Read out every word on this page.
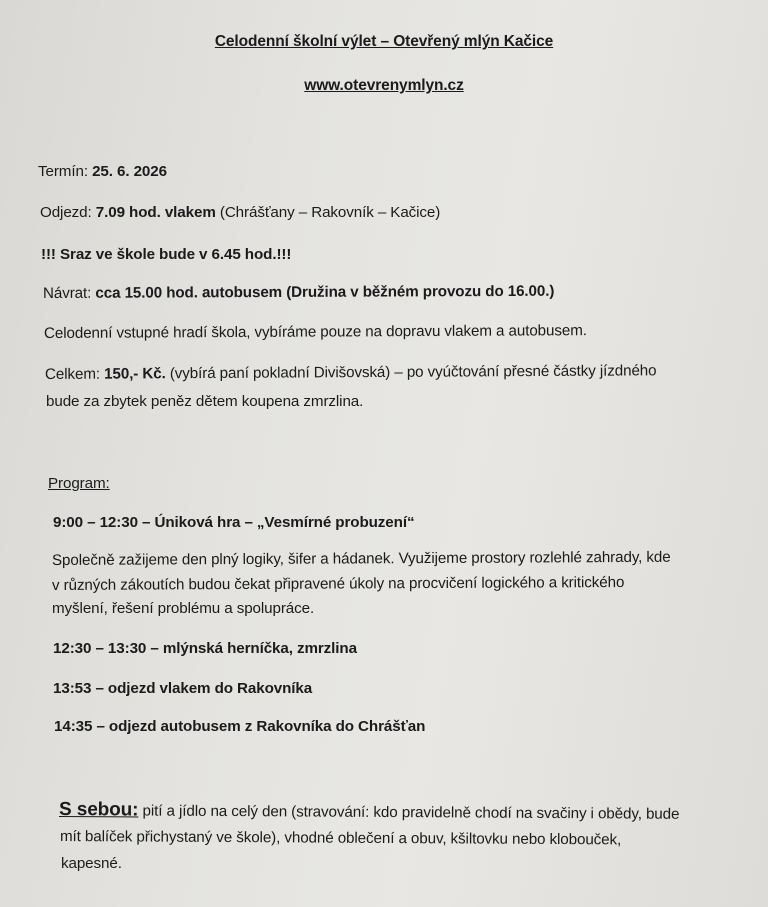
Celodenní školní výlet – Otevřený mlýn Kačice
www.otevrenymlyn.cz
Termín: 25. 6. 2026
Odjezd: 7.09 hod. vlakem (Chrášťany – Rakovník – Kačice)
!!! Sraz ve škole bude v 6.45 hod.!!!
Návrat: cca 15.00 hod. autobusem (Družina v běžném provozu do 16.00.)
Celodenní vstupné hradí škola, vybíráme pouze na dopravu vlakem a autobusem.
Celkem: 150,- Kč. (vybírá paní pokladní Divišovská) – po vyúčtování přesné částky jízdného
bude za zbytek peněz dětem koupena zmrzlina.
Program:
9:00 – 12:30 – Úniková hra – „Vesmírné probuzení“
Společně zažijeme den plný logiky, šifer a hádanek. Využijeme prostory rozlehlé zahrady, kde
v různých zákoutích budou čekat připravené úkoly na procvičení logického a kritického
myšlení, řešení problému a spolupráce.
12:30 – 13:30 – mlýnská herníčka, zmrzlina
13:53 – odjezd vlakem do Rakovníka
14:35 – odjezd autobusem z Rakovníka do Chrášťan
S sebou: pití a jídlo na celý den (stravování: kdo pravidelně chodí na svačiny i obědy, bude
mít balíček přichystaný ve škole), vhodné oblečení a obuv, kšiltovku nebo klobouček,
kapesné.
